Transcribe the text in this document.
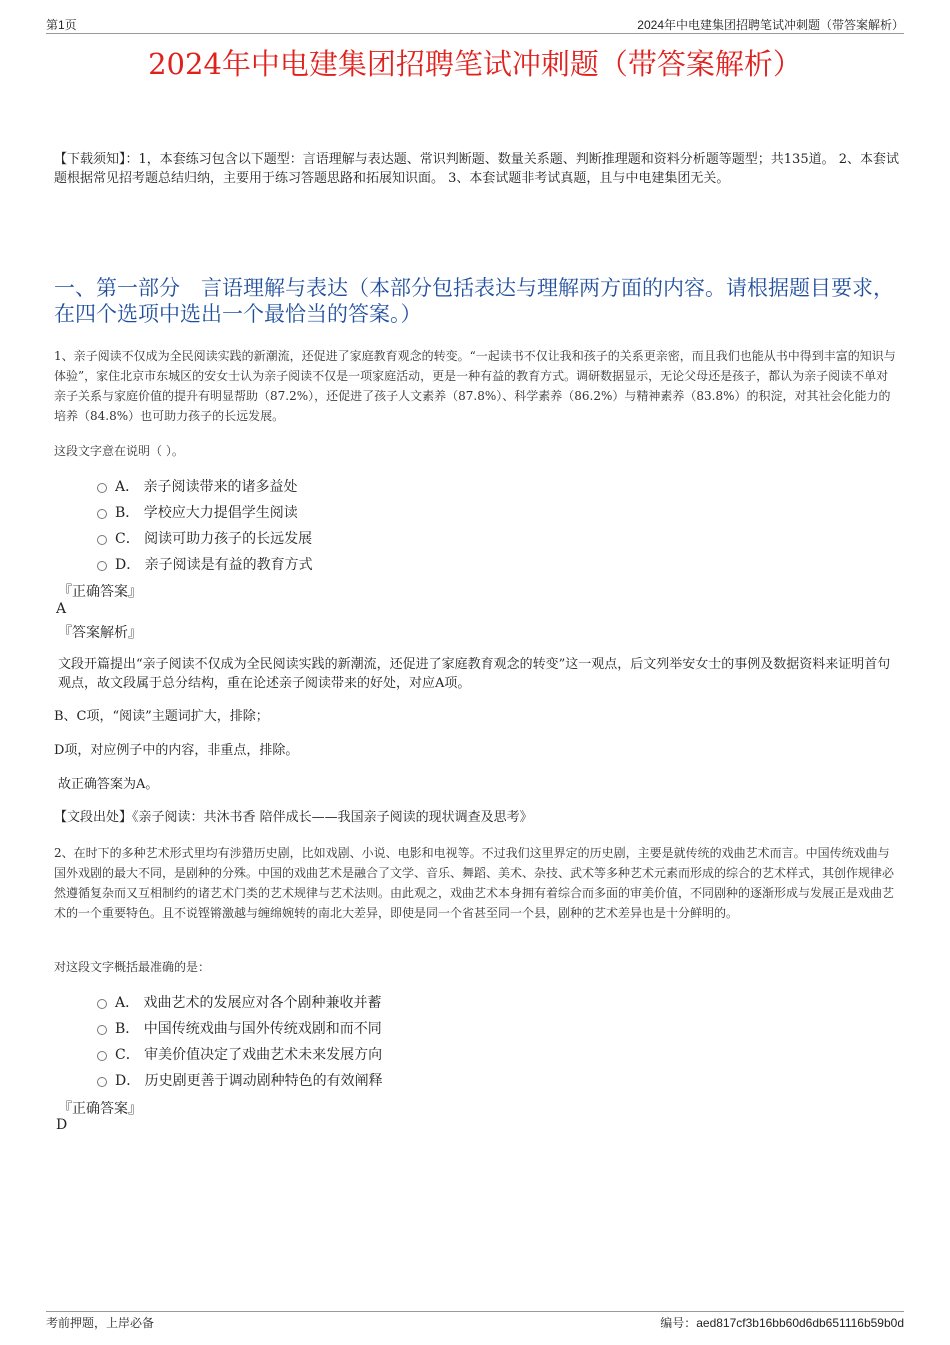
第1页	2024年中电建集团招聘笔试冲刺题（带答案解析）
2024年中电建集团招聘笔试冲刺题（带答案解析）
【下载须知】：1，本套练习包含以下题型：言语理解与表达题、常识判断题、数量关系题、判断推理题和资料分析题等题型；共135道。 2、本套试题根据常见招考题总结归纳，主要用于练习答题思路和拓展知识面。 3、本套试题非考试真题，且与中电建集团无关。
一、第一部分　言语理解与表达（本部分包括表达与理解两方面的内容。请根据题目要求，在四个选项中选出一个最恰当的答案。）
1、亲子阅读不仅成为全民阅读实践的新潮流，还促进了家庭教育观念的转变。“一起读书不仅让我和孩子的关系更亲密，而且我们也能从书中得到丰富的知识与体验”，家住北京市东城区的安女士认为亲子阅读不仅是一项家庭活动，更是一种有益的教育方式。调研数据显示，无论父母还是孩子，都认为亲子阅读不单对亲子关系与家庭价值的提升有明显帮助（87.2%），还促进了孩子人文素养（87.8%）、科学素养（86.2%）与精神素养（83.8%）的积淀，对其社会化能力的培养（84.8%）也可助力孩子的长远发展。
这段文字意在说明（ ）。
A． 亲子阅读带来的诸多益处
B． 学校应大力提倡学生阅读
C． 阅读可助力孩子的长远发展
D． 亲子阅读是有益的教育方式
『正确答案』
A
『答案解析』
文段开篇提出“亲子阅读不仅成为全民阅读实践的新潮流，还促进了家庭教育观念的转变”这一观点，后文列举安女士的事例及数据资料来证明首句观点，故文段属于总分结构，重在论述亲子阅读带来的好处，对应A项。
B、C项，“阅读”主题词扩大，排除；
D项，对应例子中的内容，非重点，排除。
故正确答案为A。
【文段出处】《亲子阅读：共沐书香 陪伴成长——我国亲子阅读的现状调查及思考》
2、在时下的多种艺术形式里均有涉猎历史剧，比如戏剧、小说、电影和电视等。不过我们这里界定的历史剧，主要是就传统的戏曲艺术而言。中国传统戏曲与国外戏剧的最大不同，是剧种的分殊。中国的戏曲艺术是融合了文学、音乐、舞蹈、美术、杂技、武术等多种艺术元素而形成的综合的艺术样式，其创作规律必然遵循复杂而又互相制约的诸艺术门类的艺术规律与艺术法则。由此观之，戏曲艺术本身拥有着综合而多面的审美价值，不同剧种的逐渐形成与发展正是戏曲艺术的一个重要特色。且不说铿锵激越与缠绵婉转的南北大差异，即使是同一个省甚至同一个县，剧种的艺术差异也是十分鲜明的。
对这段文字概括最准确的是：
A． 戏曲艺术的发展应对各个剧种兼收并蓄
B． 中国传统戏曲与国外传统戏剧和而不同
C． 审美价值决定了戏曲艺术未来发展方向
D． 历史剧更善于调动剧种特色的有效阐释
『正确答案』
D
考前押题，上岸必备	编号：aed817cf3b16bb60d6db651116b59b0d
